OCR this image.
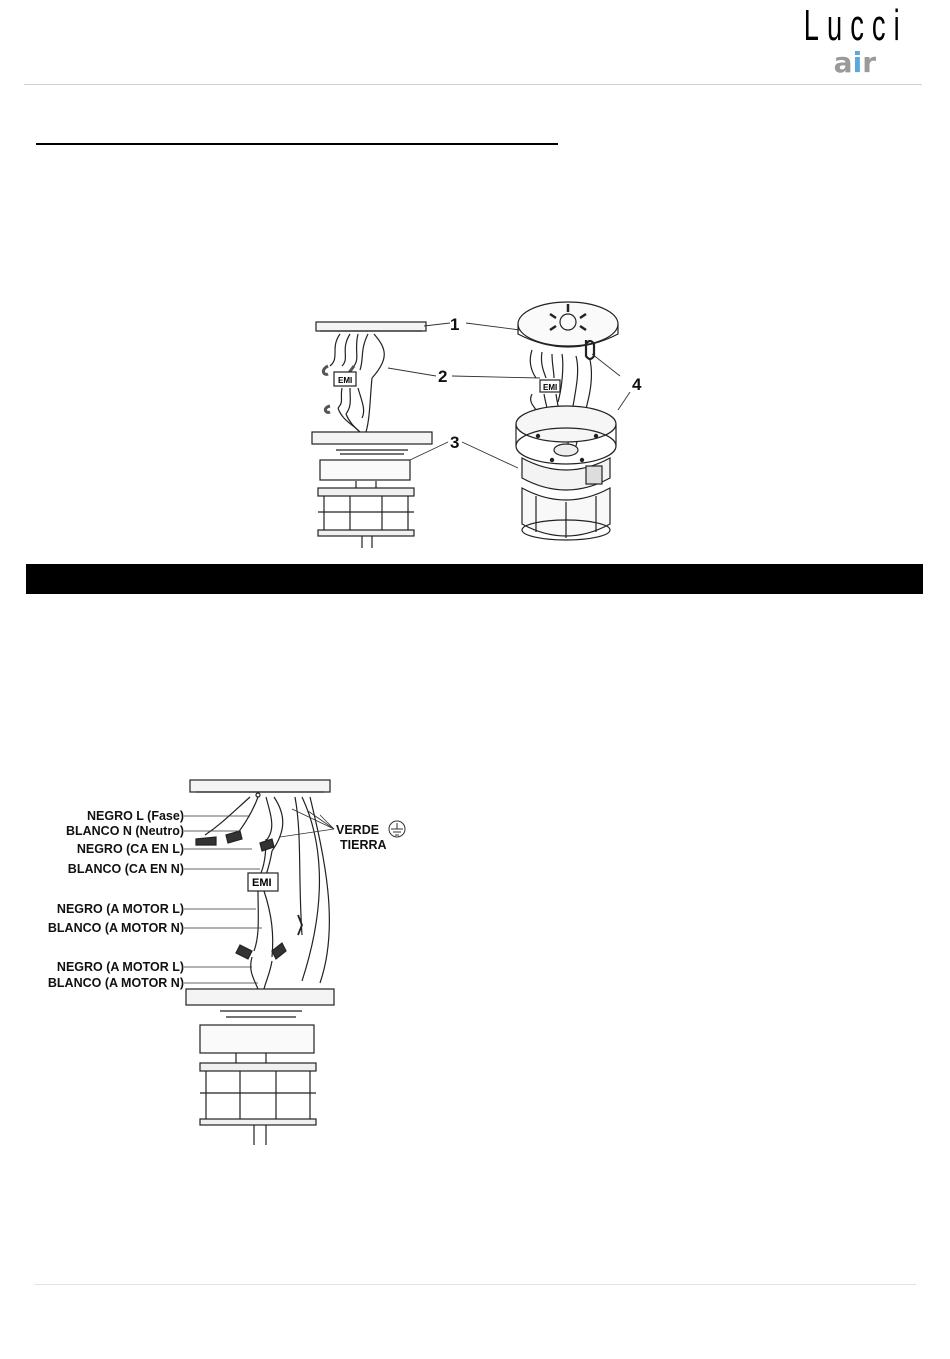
Lucci
air
1
2
3
4
EMI
EMI
NEGRO L (Fase)
BLANCO N (Neutro)
NEGRO (CA EN L)
BLANCO (CA EN N)
NEGRO (A MOTOR L)
BLANCO (A MOTOR N)
NEGRO (A MOTOR L)
BLANCO (A MOTOR N)
VERDE
TIERRA
EMI
